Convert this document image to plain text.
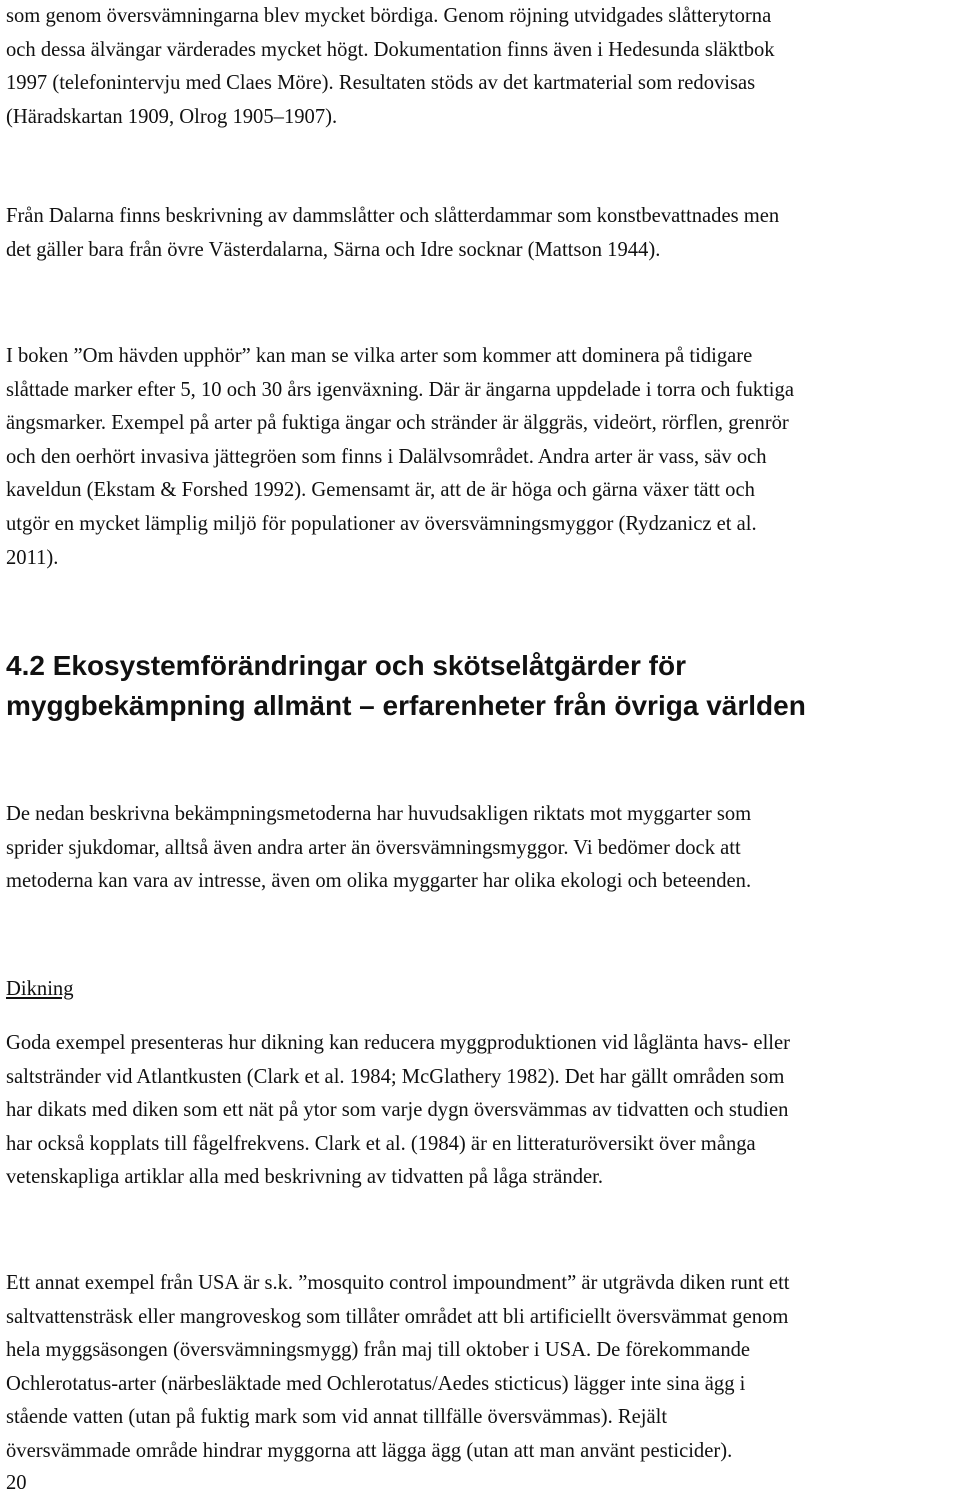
som genom översvämningarna blev mycket bördiga. Genom röjning utvidgades slåtterytorna
och dessa älvängar värderades mycket högt. Dokumentation finns även i Hedesunda släktbok
1997 (telefonintervju med Claes Möre). Resultaten stöds av det kartmaterial som redovisas
(Häradskartan 1909, Olrog 1905–1907).
Från Dalarna finns beskrivning av dammslåtter och slåtterdammar som konstbevattnades men
det gäller bara från övre Västerdalarna, Särna och Idre socknar (Mattson 1944).
I boken ”Om hävden upphör” kan man se vilka arter som kommer att dominera på tidigare
slåttade marker efter 5, 10 och 30 års igenväxning. Där är ängarna uppdelade i torra och fuktiga
ängsmarker. Exempel på arter på fuktiga ängar och stränder är älggräs, videört, rörflen, grenrör
och den oerhört invasiva jättegröen som finns i Dalälvsområdet. Andra arter är vass, säv och
kaveldun (Ekstam & Forshed 1992). Gemensamt är, att de är höga och gärna växer tätt och
utgör en mycket lämplig miljö för populationer av översvämningsmyggor (Rydzanicz et al.
2011).
4.2 Ekosystemförändringar och skötselåtgärder för
myggbekämpning allmänt – erfarenheter från övriga världen
De nedan beskrivna bekämpningsmetoderna har huvudsakligen riktats mot myggarter som
sprider sjukdomar, alltså även andra arter än översvämningsmyggor. Vi bedömer dock att
metoderna kan vara av intresse, även om olika myggarter har olika ekologi och beteenden.
Dikning
Goda exempel presenteras hur dikning kan reducera myggproduktionen vid låglänta havs- eller
saltstränder vid Atlantkusten (Clark et al. 1984; McGlathery 1982). Det har gällt områden som
har dikats med diken som ett nät på ytor som varje dygn översvämmas av tidvatten och studien
har också kopplats till fågelfrekvens. Clark et al. (1984) är en litteraturöversikt över många
vetenskapliga artiklar alla med beskrivning av tidvatten på låga stränder.
Ett annat exempel från USA är s.k. ”mosquito control impoundment” är utgrävda diken runt ett
saltvattensträsk eller mangroveskog som tillåter området att bli artificiellt översvämmat genom
hela myggsäsongen (översvämningsmygg) från maj till oktober i USA. De förekommande
Ochlerotatus-arter (närbesläktade med Ochlerotatus/Aedes sticticus) lägger inte sina ägg i
stående vatten (utan på fuktig mark som vid annat tillfälle översvämmas). Rejält
översvämmade område hindrar myggorna att lägga ägg (utan att man använt pesticider).
20
